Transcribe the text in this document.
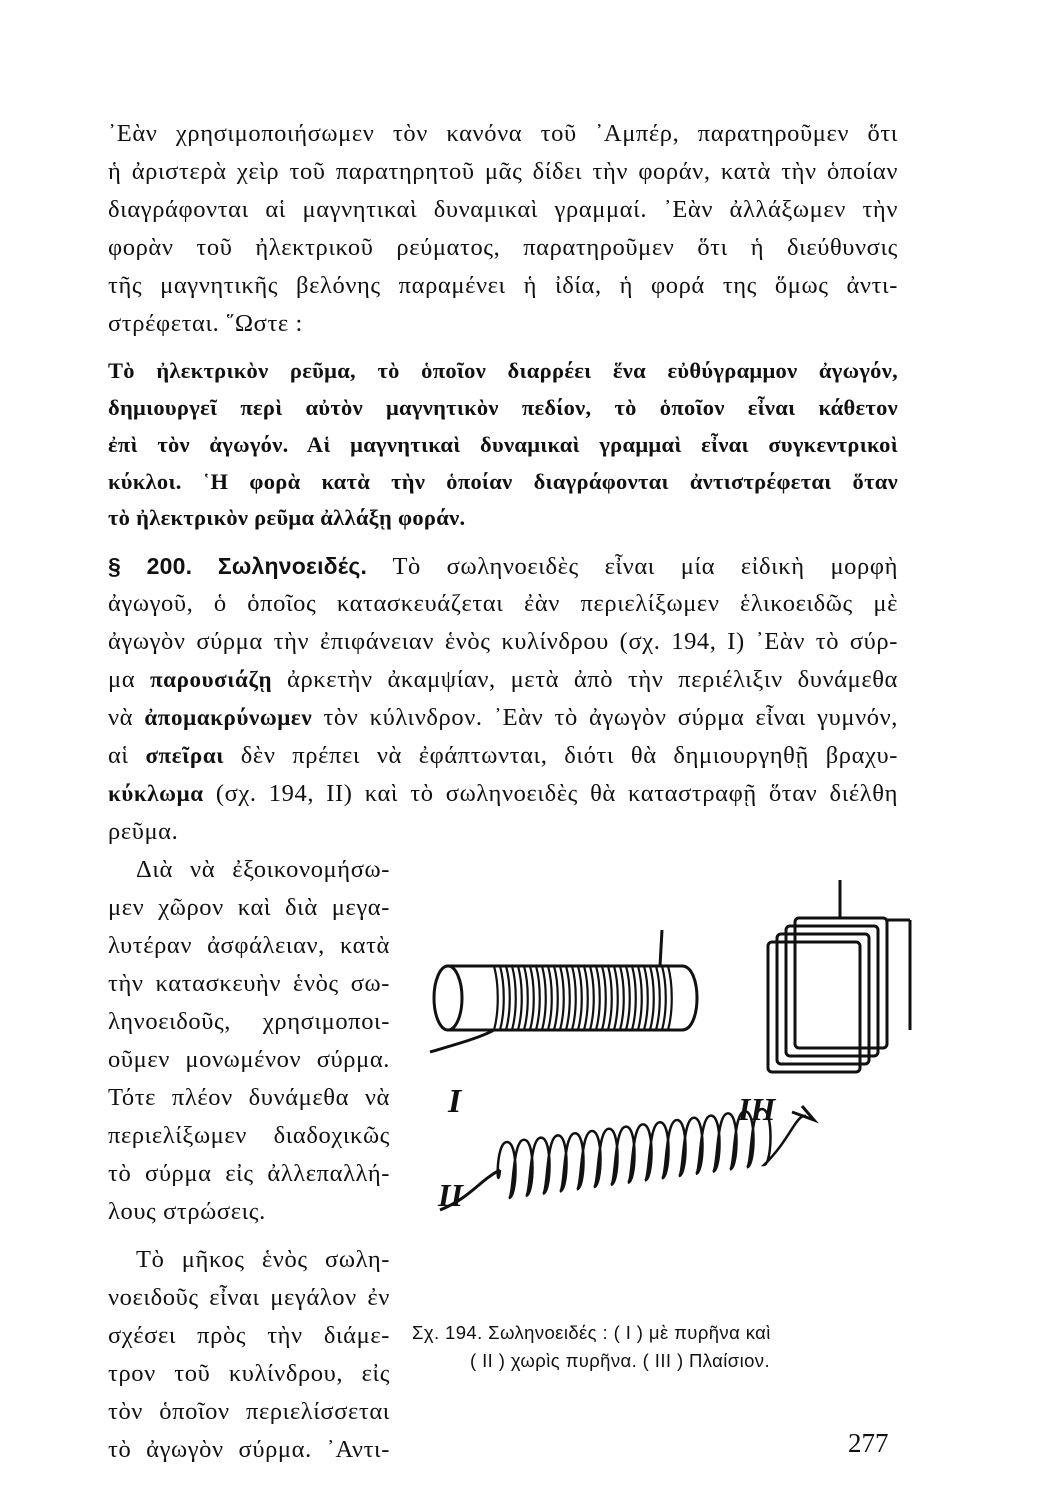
᾿Εὰν χρησιμοποιήσωμεν τὸν κανόνα τοῦ ᾿Αμπέρ, παρατηροῦμεν ὅτι
ἡ ἀριστερὰ χεὶρ τοῦ παρατηρητοῦ μᾶς δίδει τὴν φοράν, κατὰ τὴν ὁποίαν
διαγράφονται αἱ μαγνητικαὶ δυναμικαὶ γραμμαί. ᾿Εὰν ἀλλάξωμεν τὴν
φορὰν τοῦ ἠλεκτρικοῦ ρεύματος, παρατηροῦμεν ὅτι ἡ διεύθυνσις
τῆς μαγνητικῆς βελόνης παραμένει ἡ ἰδία, ἡ φορά της ὅμως ἀντι-
στρέφεται. ῞Ωστε :
Τὸ ἠλεκτρικὸν ρεῦμα, τὸ ὁποῖον διαρρέει ἕνα εὐθύγραμμον ἀγωγόν,
δημιουργεῖ περὶ αὐτὸν μαγνητικὸν πεδίον, τὸ ὁποῖον εἶναι κάθετον
ἐπὶ τὸν ἀγωγόν. Αἱ μαγνητικαὶ δυναμικαὶ γραμμαὶ εἶναι συγκεντρικοὶ
κύκλοι. ῾Η φορὰ κατὰ τὴν ὁποίαν διαγράφονται ἀντιστρέφεται ὅταν
τὸ ἠλεκτρικὸν ρεῦμα ἀλλάξῃ φοράν.
§ 200. Σωληνοειδές. Τὸ σωληνοειδὲς εἶναι μία εἰδικὴ μορφὴ
ἀγωγοῦ, ὁ ὁποῖος κατασκευάζεται ἐὰν περιελίξωμεν ἑλικοειδῶς μὲ
ἀγωγὸν σύρμα τὴν ἐπιφάνειαν ἑνὸς κυλίνδρου (σχ. 194, Ι) ᾿Εὰν τὸ σύρ-
μα παρουσιάζῃ ἀρκετὴν ἀκαμψίαν, μετὰ ἀπὸ τὴν περιέλιξιν δυνάμεθα
νὰ ἀπομακρύνωμεν τὸν κύλινδρον. ᾿Εὰν τὸ ἀγωγὸν σύρμα εἶναι γυμνόν,
αἱ σπεῖραι δὲν πρέπει νὰ ἐφάπτωνται, διότι θὰ δημιουργηθῇ βραχυ-
κύκλωμα (σχ. 194, ΙΙ) καὶ τὸ σωληνοειδὲς θὰ καταστραφῇ ὅταν διέλθη
ρεῦμα.
Διὰ νὰ ἐξοικονομήσω-
μεν χῶρον καὶ διὰ μεγα-
λυτέραν ἀσφάλειαν, κατὰ
τὴν κατασκευὴν ἑνὸς σω-
ληνοειδοῦς, χρησιμοποι-
οῦμεν μονωμένον σύρμα.
Τότε πλέον δυνάμεθα νὰ
περιελίξωμεν διαδοχικῶς
τὸ σύρμα εἰς ἀλλεπαλλή-
λους στρώσεις.
Τὸ μῆκος ἑνὸς σωλη-
νοειδοῦς εἶναι μεγάλον ἐν
σχέσει πρὸς τὴν διάμε-
τρον τοῦ κυλίνδρου, εἰς
τὸν ὁποῖον περιελίσσεται
τὸ ἀγωγὸν σύρμα. ᾿Αντι-
I	III
II
Σχ. 194. Σωληνοειδές : ( Ι ) μὲ πυρῆνα καὶ
( ΙΙ ) χωρὶς πυρῆνα. ( ΙΙΙ ) Πλαίσιον.
277
